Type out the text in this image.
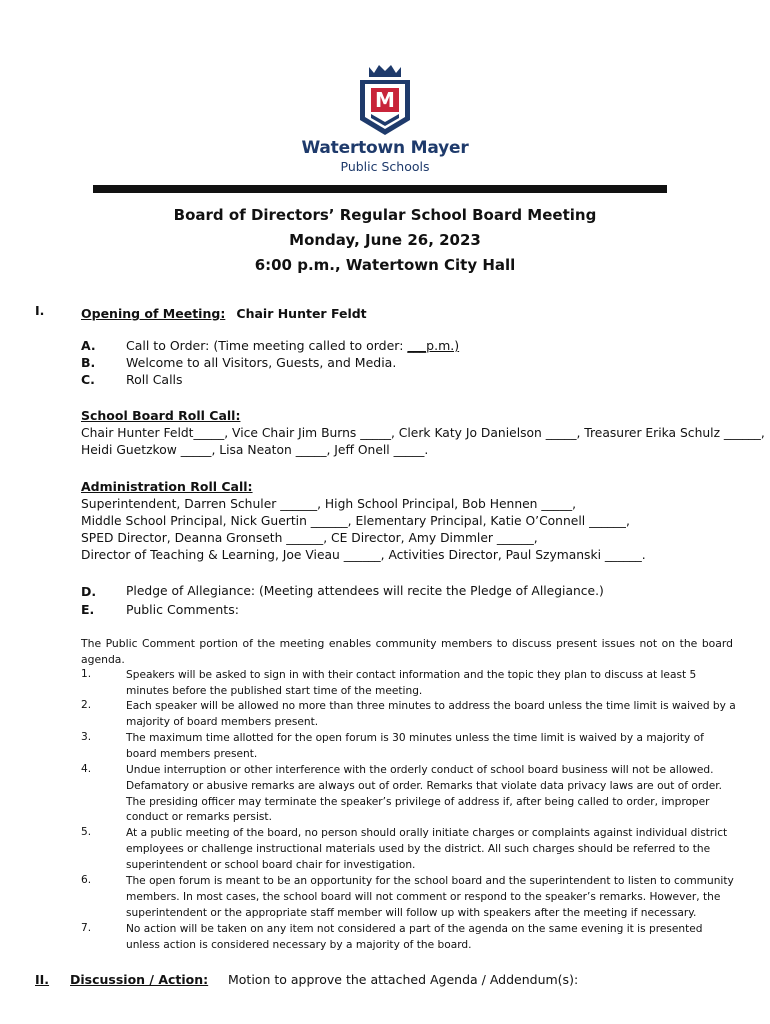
M
Watertown Mayer
Public Schools
Board of Directors’ Regular School Board Meeting
Monday, June 26, 2023
6:00 p.m., Watertown City Hall
I.	Opening of Meeting: Chair Hunter Feldt
A. Call to Order: (Time meeting called to order: ___p.m.)
B. Welcome to all Visitors, Guests, and Media.
C. Roll Calls
School Board Roll Call:
Chair Hunter Feldt_____, Vice Chair Jim Burns _____, Clerk Katy Jo Danielson _____, Treasurer Erika Schulz ______,
Heidi Guetzkow _____, Lisa Neaton _____, Jeff Onell _____.
Administration Roll Call:
Superintendent, Darren Schuler ______, High School Principal, Bob Hennen _____,
Middle School Principal, Nick Guertin ______, Elementary Principal, Katie O’Connell ______,
SPED Director, Deanna Gronseth ______, CE Director, Amy Dimmler ______,
Director of Teaching & Learning, Joe Vieau ______, Activities Director, Paul Szymanski ______.
D. Pledge of Allegiance: (Meeting attendees will recite the Pledge of Allegiance.)
E.	Public Comments:
The Public Comment portion of the meeting enables community members to discuss present issues not on the board agenda.
1.	Speakers will be asked to sign in with their contact information and the topic they plan to discuss at least 5 minutes before the published start time of the meeting.
2.	Each speaker will be allowed no more than three minutes to address the board unless the time limit is waived by a majority of board members present.
3.	The maximum time allotted for the open forum is 30 minutes unless the time limit is waived by a majority of board members present.
4.	Undue interruption or other interference with the orderly conduct of school board business will not be allowed. Defamatory or abusive remarks are always out of order. Remarks that violate data privacy laws are out of order. The presiding officer may terminate the speaker’s privilege of address if, after being called to order, improper conduct or remarks persist.
5.	At a public meeting of the board, no person should orally initiate charges or complaints against individual district employees or challenge instructional materials used by the district. All such charges should be referred to the superintendent or school board chair for investigation.
6.	The open forum is meant to be an opportunity for the school board and the superintendent to listen to community members. In most cases, the school board will not comment or respond to the speaker’s remarks. However, the superintendent or the appropriate staff member will follow up with speakers after the meeting if necessary.
7.	No action will be taken on any item not considered a part of the agenda on the same evening it is presented unless action is considered necessary by a majority of the board.
II. Discussion / Action: Motion to approve the attached Agenda / Addendum(s):
